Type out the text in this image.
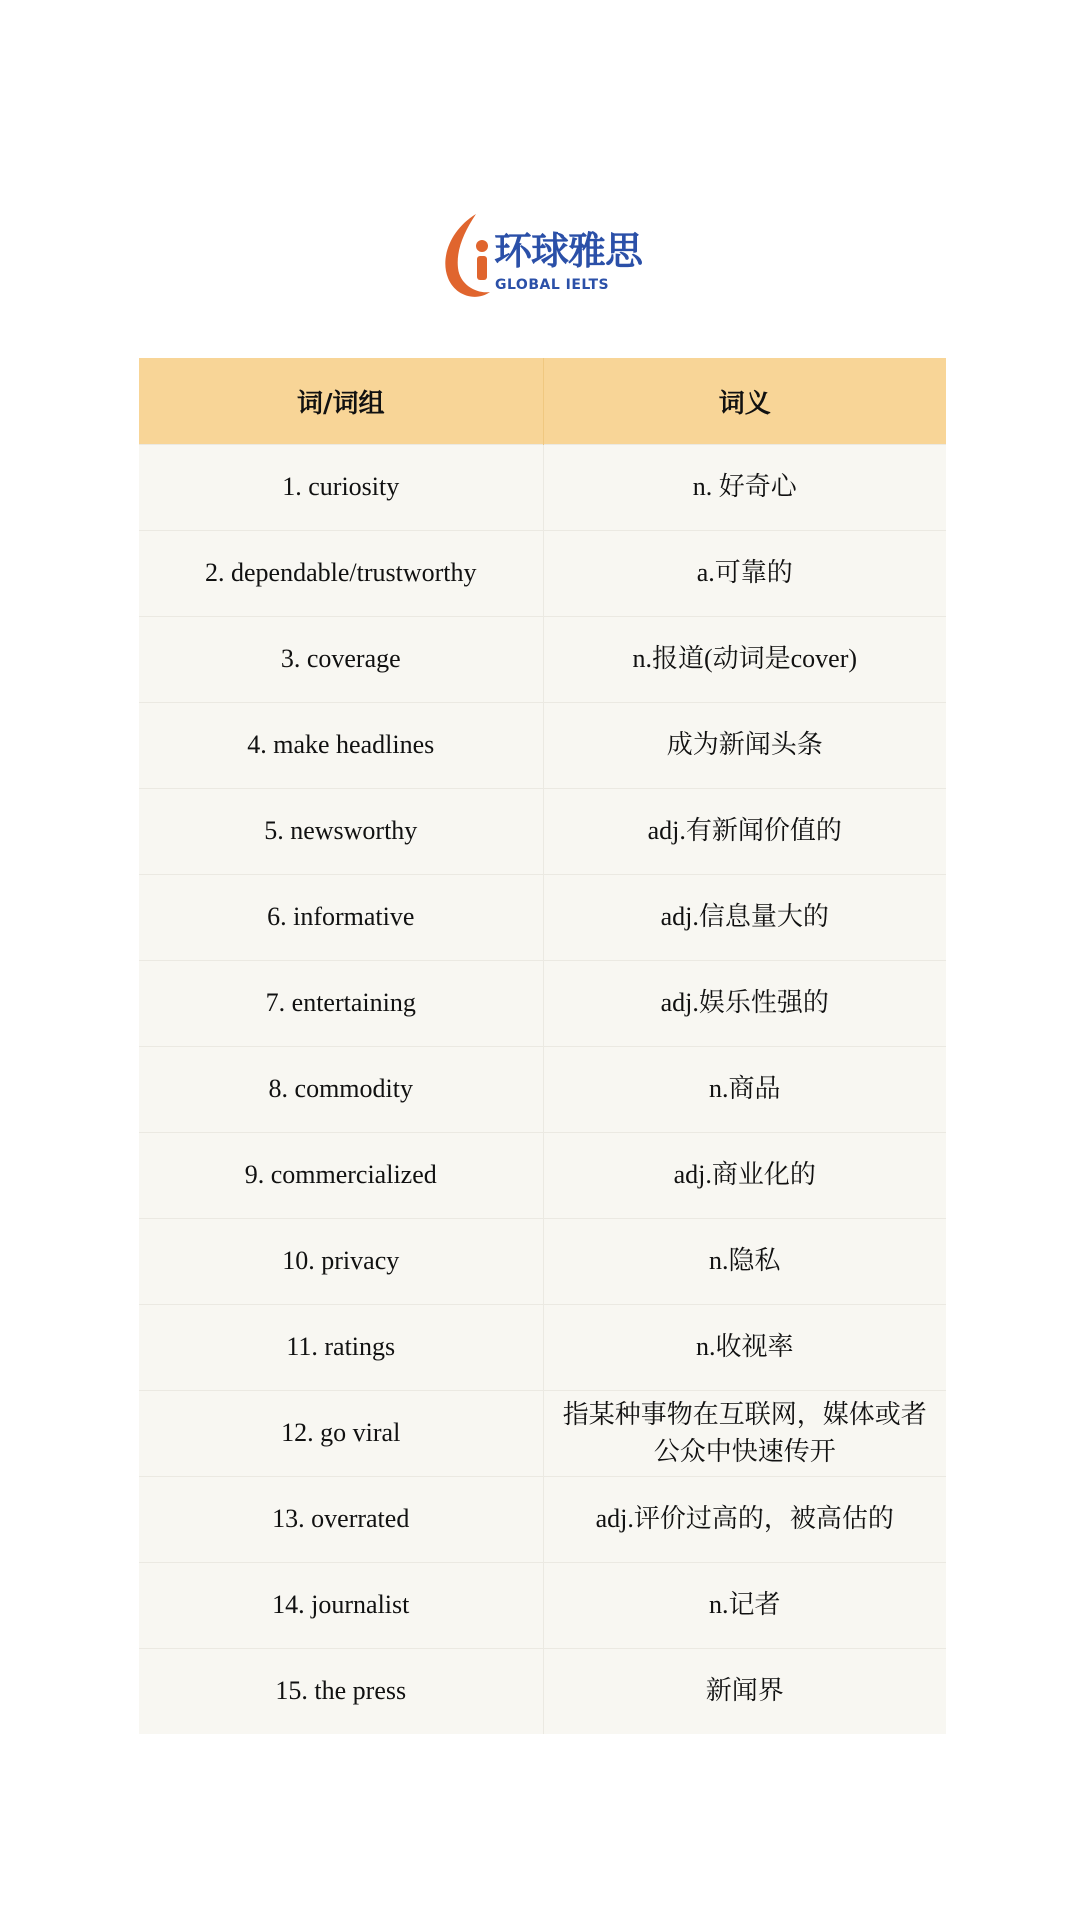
环球雅思
GLOBAL IELTS
词/词组	词义
1. curiosity	n. 好奇心
2. dependable/trustworthy	a.可靠的
3. coverage	n.报道(动词是cover)
4. make headlines	成为新闻头条
5. newsworthy	adj.有新闻价值的
6. informative	adj.信息量大的
7. entertaining	adj.娱乐性强的
8. commodity	n.商品
9. commercialized	adj.商业化的
10. privacy	n.隐私
11. ratings	n.收视率
12. go viral	指某种事物在互联网，媒体或者公众中快速传开
13. overrated	adj.评价过高的，被高估的
14. journalist	n.记者
15. the press	新闻界
